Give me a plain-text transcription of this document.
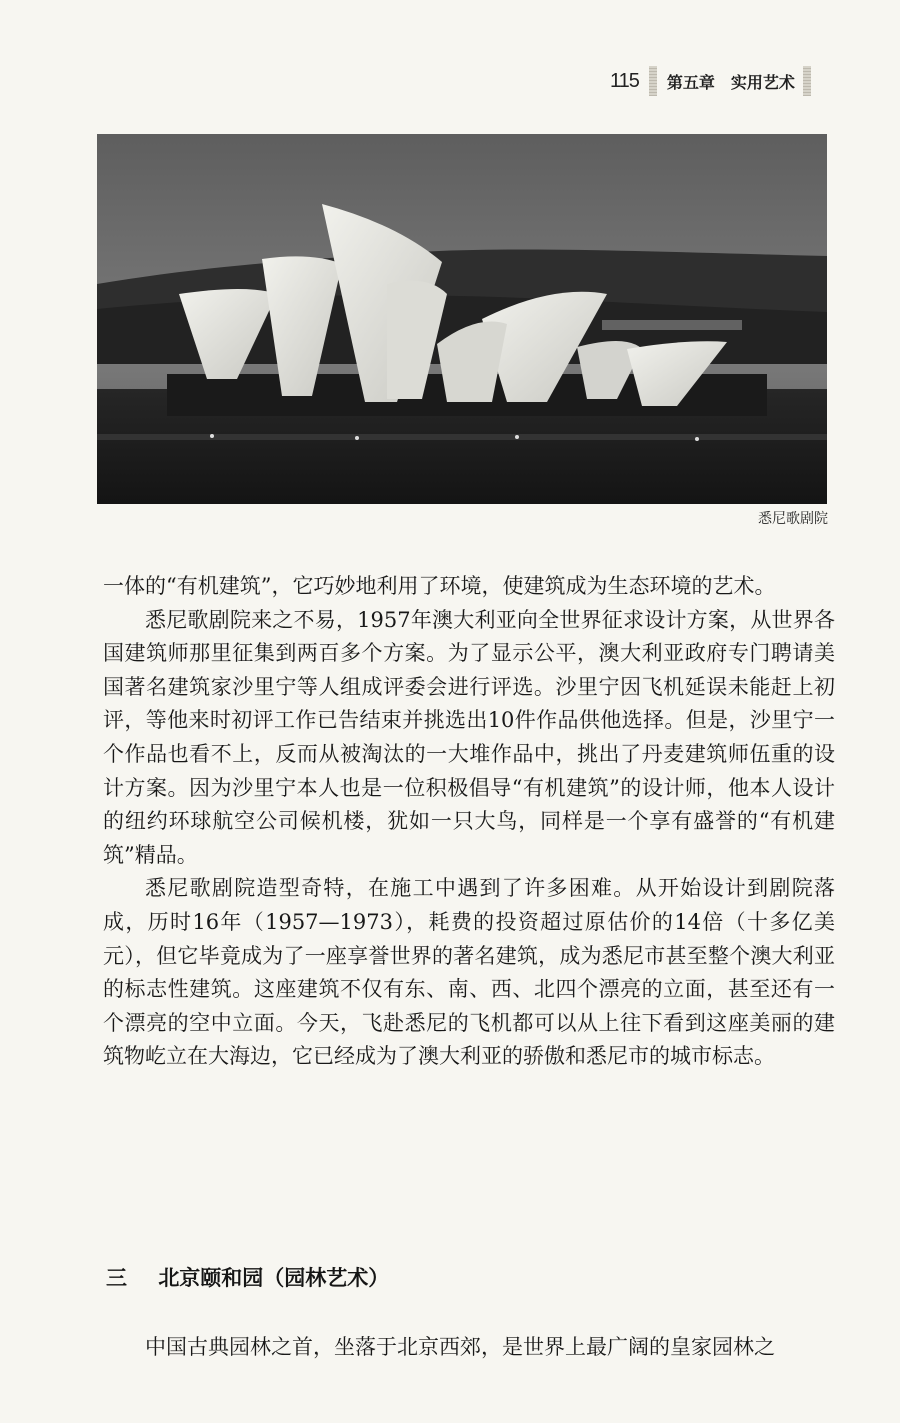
115 第五章　实用艺术
悉尼歌剧院

一体的“有机建筑”，它巧妙地利用了环境，使建筑成为生态环境的艺术。

悉尼歌剧院来之不易，1957年澳大利亚向全世界征求设计方案，从世界各国建筑师那里征集到两百多个方案。为了显示公平，澳大利亚政府专门聘请美国著名建筑家沙里宁等人组成评委会进行评选。沙里宁因飞机延误未能赶上初评，等他来时初评工作已告结束并挑选出10件作品供他选择。但是，沙里宁一个作品也看不上，反而从被淘汰的一大堆作品中，挑出了丹麦建筑师伍重的设计方案。因为沙里宁本人也是一位积极倡导“有机建筑”的设计师，他本人设计的纽约环球航空公司候机楼，犹如一只大鸟，同样是一个享有盛誉的“有机建筑”精品。

悉尼歌剧院造型奇特，在施工中遇到了许多困难。从开始设计到剧院落成，历时16年（1957—1973），耗费的投资超过原估价的14倍（十多亿美元），但它毕竟成为了一座享誉世界的著名建筑，成为悉尼市甚至整个澳大利亚的标志性建筑。这座建筑不仅有东、南、西、北四个漂亮的立面，甚至还有一个漂亮的空中立面。今天，飞赴悉尼的飞机都可以从上往下看到这座美丽的建筑物屹立在大海边，它已经成为了澳大利亚的骄傲和悉尼市的城市标志。

三 北京颐和园（园林艺术）

中国古典园林之首，坐落于北京西郊，是世界上最广阔的皇家园林之
